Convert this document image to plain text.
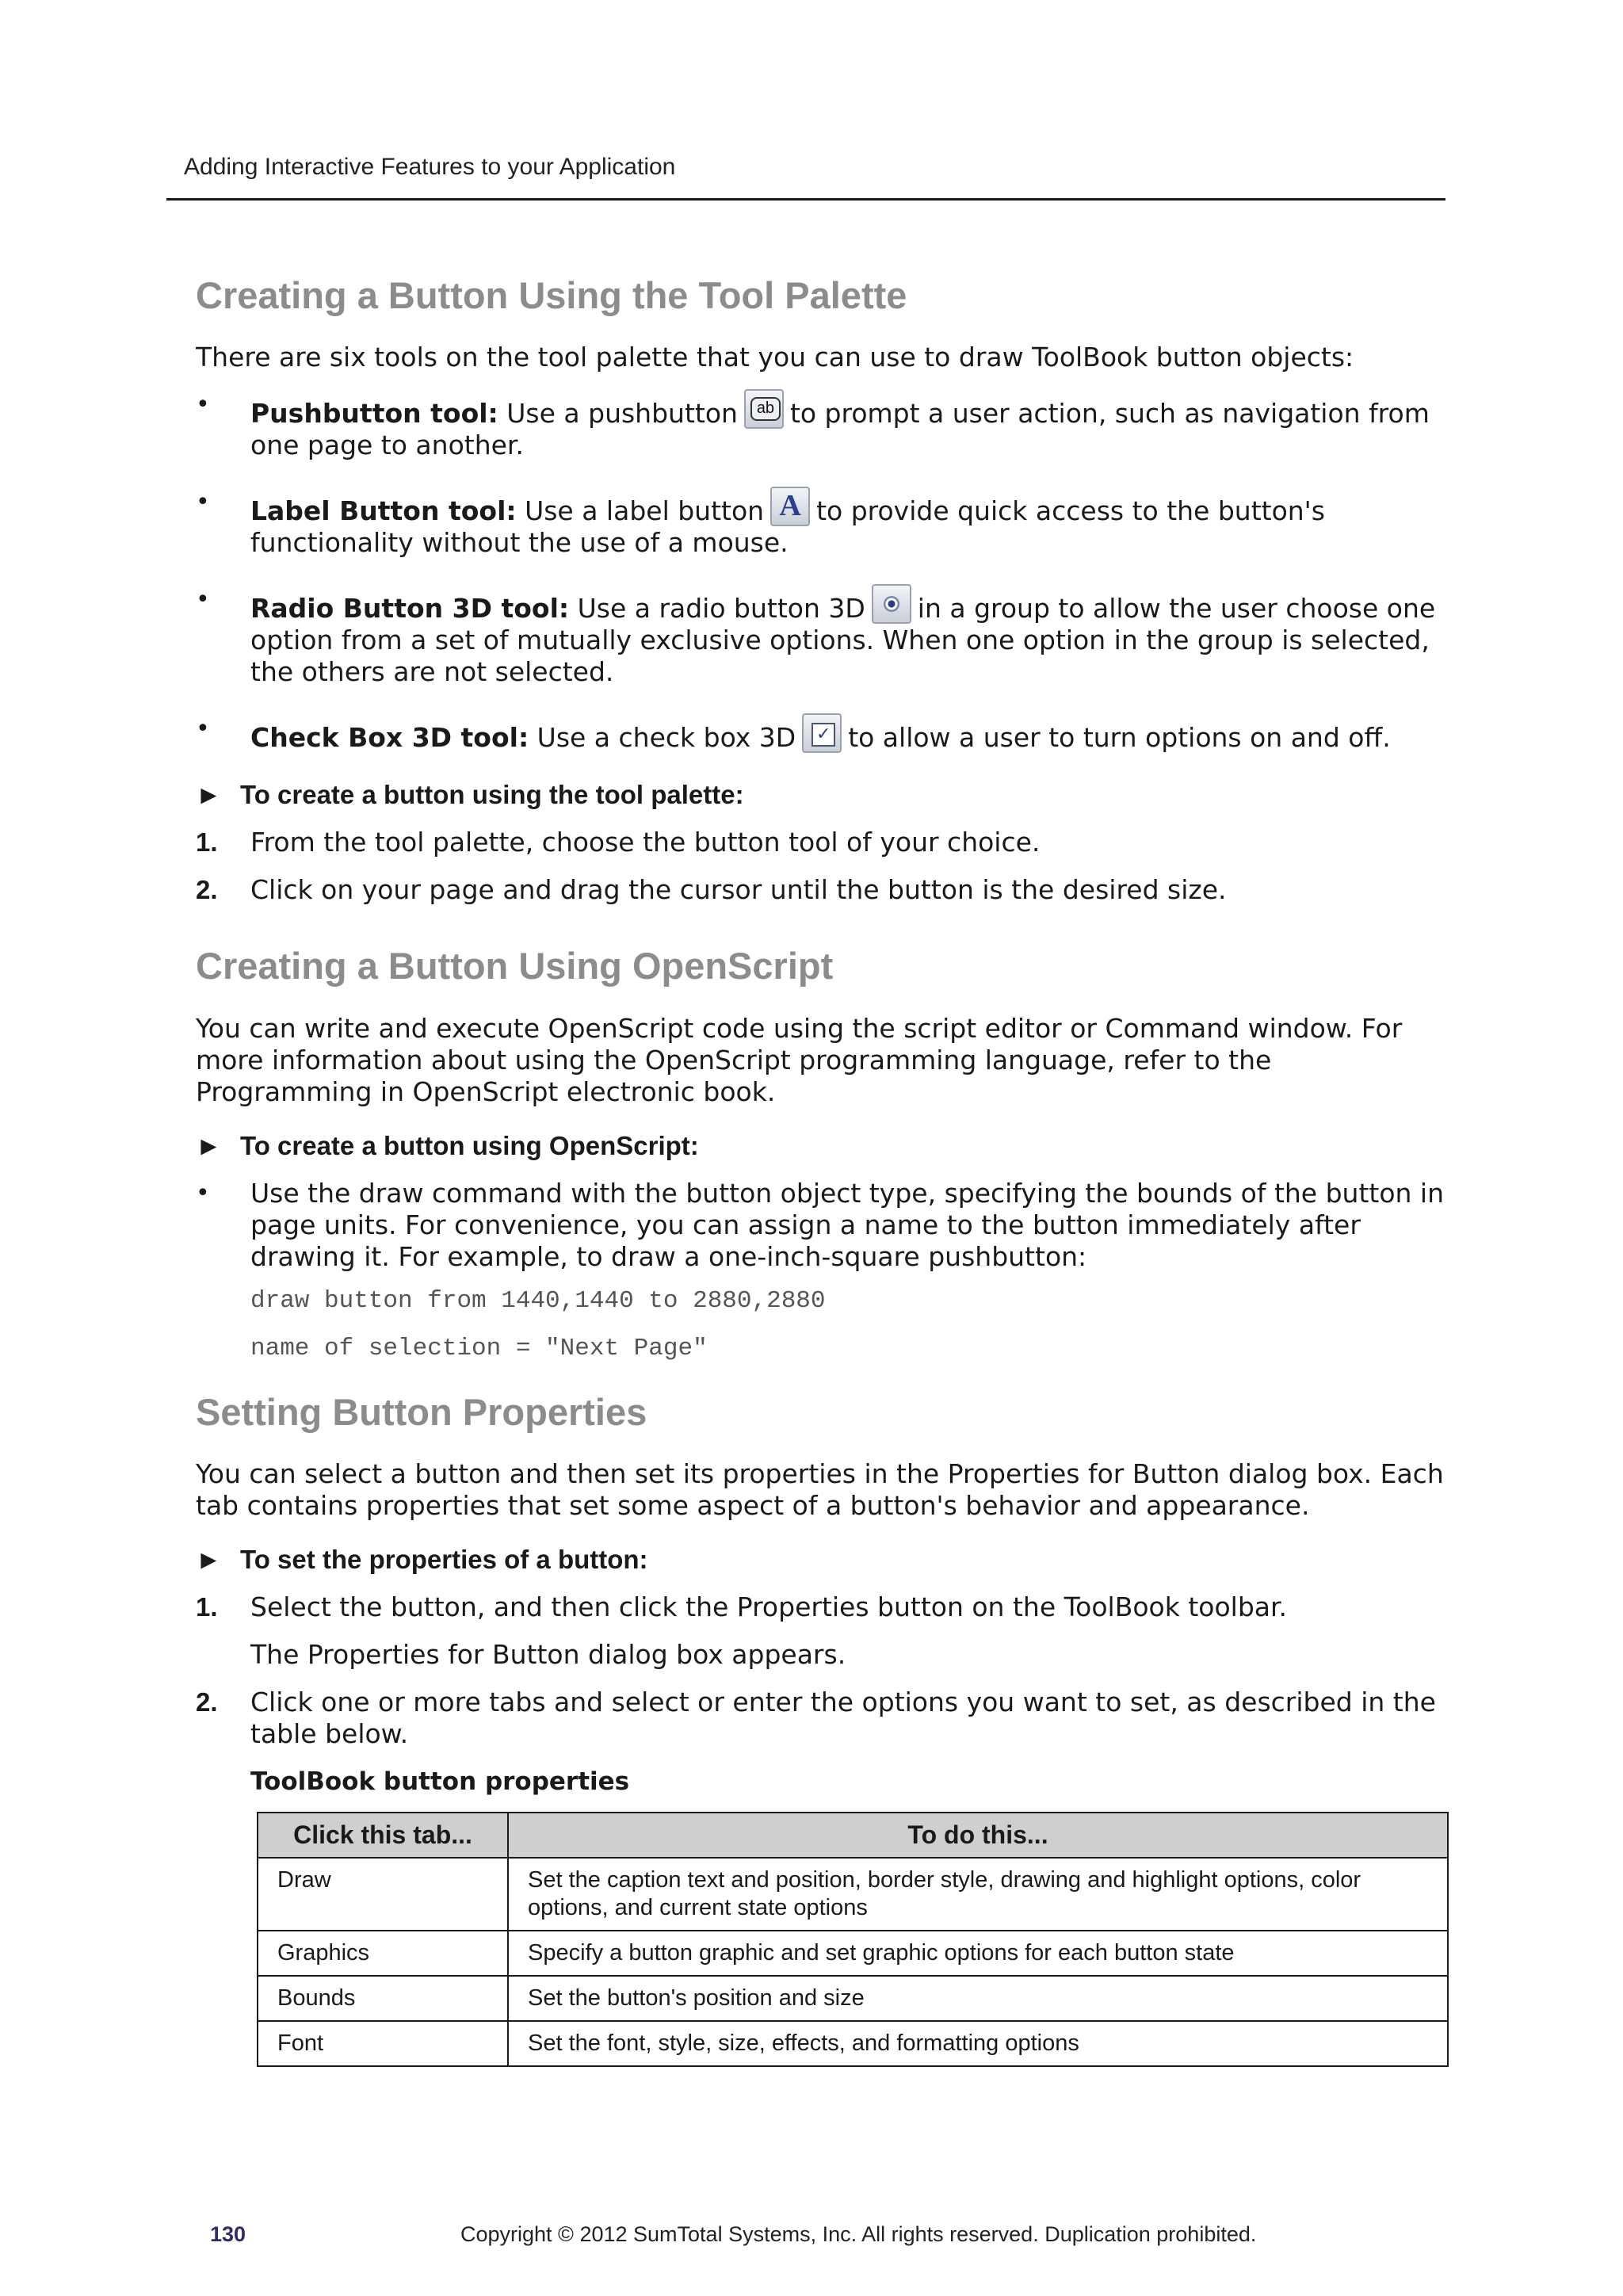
Adding Interactive Features to your Application
Creating a Button Using the Tool Palette

There are six tools on the tool palette that you can use to draw ToolBook button objects:

• Pushbutton tool: Use a pushbutton ab to prompt a user action, such as navigation from one page to another.
• Label Button tool: Use a label button A to provide quick access to the button's functionality without the use of a mouse.
• Radio Button 3D tool: Use a radio button 3D in a group to allow the user choose one option from a set of mutually exclusive options. When one option in the group is selected, the others are not selected.
• Check Box 3D tool: Use a check box 3D ✓ to allow a user to turn options on and off.
► To create a button using the tool palette:
1. From the tool palette, choose the button tool of your choice.
2. Click on your page and drag the cursor until the button is the desired size.
Creating a Button Using OpenScript

You can write and execute OpenScript code using the script editor or Command window. For more information about using the OpenScript programming language, refer to the Programming in OpenScript electronic book.

► To create a button using OpenScript:
• Use the draw command with the button object type, specifying the bounds of the button in page units. For convenience, you can assign a name to the button immediately after drawing it. For example, to draw a one-inch-square pushbutton:
draw button from 1440,1440 to 2880,2880
name of selection = "Next Page"
Setting Button Properties

You can select a button and then set its properties in the Properties for Button dialog box. Each tab contains properties that set some aspect of a button's behavior and appearance.

► To set the properties of a button:
1. Select the button, and then click the Properties button on the ToolBook toolbar.
The Properties for Button dialog box appears.
2. Click one or more tabs and select or enter the options you want to set, as described in the table below.
ToolBook button properties
Click this tab...	To do this...
Draw	Set the caption text and position, border style, drawing and highlight options, color options, and current state options
Graphics	Specify a button graphic and set graphic options for each button state
Bounds	Set the button's position and size
Font	Set the font, style, size, effects, and formatting options
130	Copyright © 2012 SumTotal Systems, Inc. All rights reserved. Duplication prohibited.
